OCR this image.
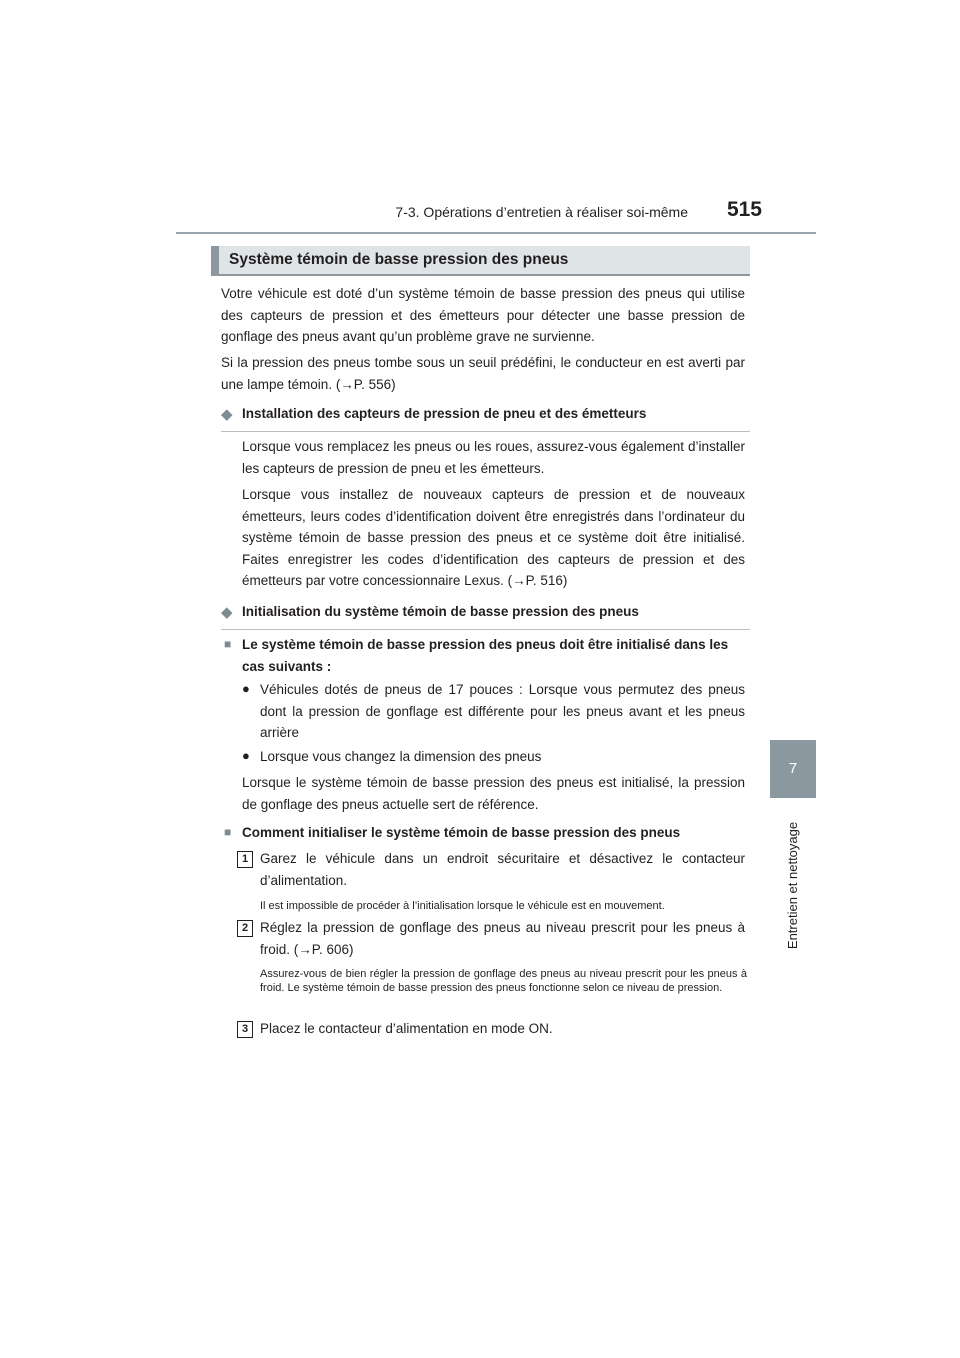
7-3. Opérations d’entretien à réaliser soi-même	515
7
Entretien et nettoyage
Système témoin de basse pression des pneus
Votre véhicule est doté d’un système témoin de basse pression des pneus qui utilise des capteurs de pression et des émetteurs pour détecter une basse pression de gonflage des pneus avant qu’un problème grave ne survienne.
Si la pression des pneus tombe sous un seuil prédéfini, le conducteur en est averti par une lampe témoin. (→P. 556)
◆ Installation des capteurs de pression de pneu et des émetteurs
Lorsque vous remplacez les pneus ou les roues, assurez-vous également d’installer les capteurs de pression de pneu et les émetteurs.
Lorsque vous installez de nouveaux capteurs de pression et de nouveaux émetteurs, leurs codes d’identification doivent être enregistrés dans l’ordinateur du système témoin de basse pression des pneus et ce système doit être initialisé. Faites enregistrer les codes d’identification des capteurs de pression et des émetteurs par votre concessionnaire Lexus. (→P. 516)
◆ Initialisation du système témoin de basse pression des pneus
■ Le système témoin de basse pression des pneus doit être initialisé dans les cas suivants :
● Véhicules dotés de pneus de 17 pouces : Lorsque vous permutez des pneus dont la pression de gonflage est différente pour les pneus avant et les pneus arrière
● Lorsque vous changez la dimension des pneus
Lorsque le système témoin de basse pression des pneus est initialisé, la pression de gonflage des pneus actuelle sert de référence.
■ Comment initialiser le système témoin de basse pression des pneus
1 Garez le véhicule dans un endroit sécuritaire et désactivez le contacteur d’alimentation.
Il est impossible de procéder à l’initialisation lorsque le véhicule est en mouvement.
2 Réglez la pression de gonflage des pneus au niveau prescrit pour les pneus à froid. (→P. 606)
Assurez-vous de bien régler la pression de gonflage des pneus au niveau prescrit pour les pneus à froid. Le système témoin de basse pression des pneus fonctionne selon ce niveau de pression.
3 Placez le contacteur d’alimentation en mode ON.
